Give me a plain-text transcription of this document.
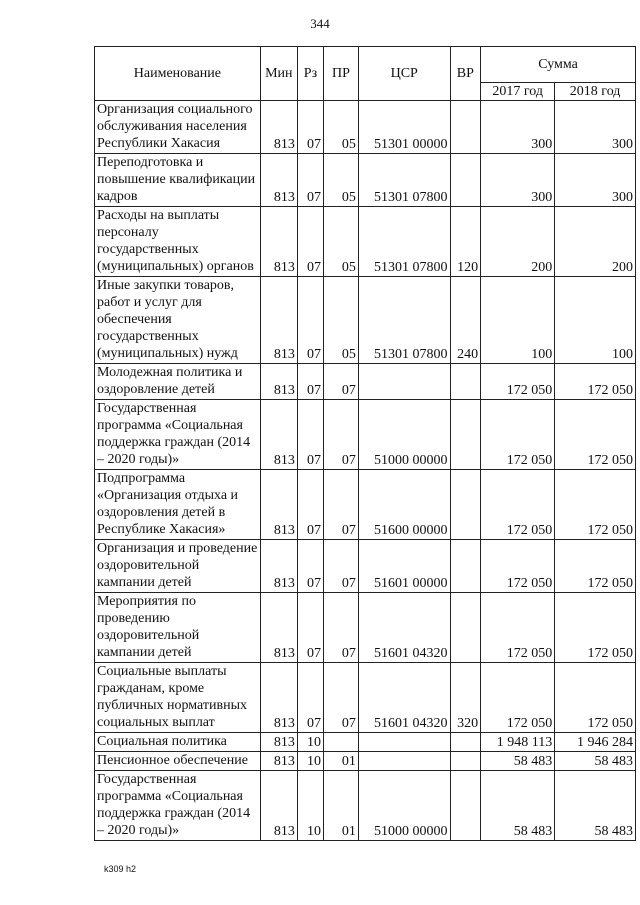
344
Наименование	Мин	Рз	ПР	ЦСР	ВР	Сумма	
						2017 год	2018 год
Организация социального обслуживания населения Республики Хакасия	813	07	05	51301 00000		300	300
Переподготовка и повышение квалификации кадров	813	07	05	51301 07800		300	300
Расходы на выплаты персоналу государственных (муниципальных) органов	813	07	05	51301 07800	120	200	200
Иные закупки товаров, работ и услуг для обеспечения государственных (муниципальных) нужд	813	07	05	51301 07800	240	100	100
Молодежная политика и оздоровление детей	813	07	07			172 050	172 050
Государственная программа «Социальная поддержка граждан (2014 – 2020 годы)»	813	07	07	51000 00000		172 050	172 050
Подпрограмма «Организация отдыха и оздоровления детей в Республике Хакасия»	813	07	07	51600 00000		172 050	172 050
Организация и проведение оздоровительной кампании детей	813	07	07	51601 00000		172 050	172 050
Мероприятия по проведению оздоровительной кампании детей	813	07	07	51601 04320		172 050	172 050
Социальные выплаты гражданам, кроме публичных нормативных социальных выплат	813	07	07	51601 04320	320	172 050	172 050
Социальная политика	813	10				1 948 113	1 946 284
Пенсионное обеспечение	813	10	01			58 483	58 483
Государственная программа «Социальная поддержка граждан (2014 – 2020 годы)»	813	10	01	51000 00000		58 483	58 483
k309 h2
